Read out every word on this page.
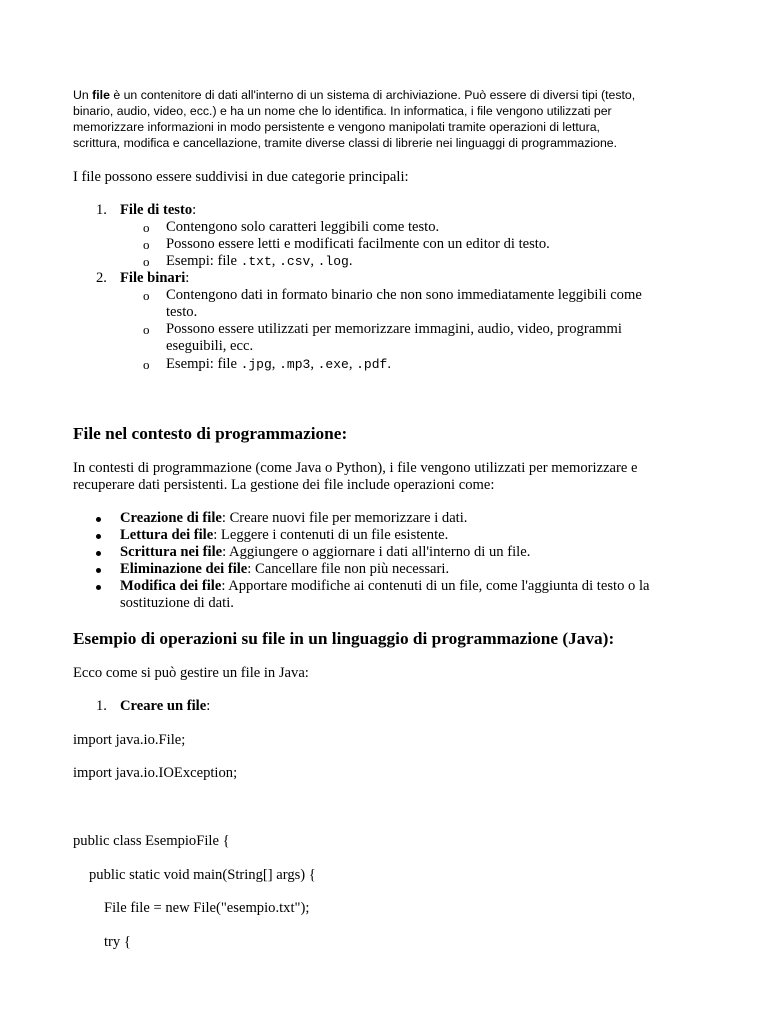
Un file è un contenitore di dati all'interno di un sistema di archiviazione. Può essere di diversi tipi (testo,
binario, audio, video, ecc.) e ha un nome che lo identifica. In informatica, i file vengono utilizzati per
memorizzare informazioni in modo persistente e vengono manipolati tramite operazioni di lettura,
scrittura, modifica e cancellazione, tramite diverse classi di librerie nei linguaggi di programmazione.
I file possono essere suddivisi in due categorie principali:
1. File di testo:
o Contengono solo caratteri leggibili come testo.
o Possono essere letti e modificati facilmente con un editor di testo.
o Esempi: file .txt, .csv, .log.
2. File binari:
o Contengono dati in formato binario che non sono immediatamente leggibili come
testo.
o Possono essere utilizzati per memorizzare immagini, audio, video, programmi
eseguibili, ecc.
o Esempi: file .jpg, .mp3, .exe, .pdf.
File nel contesto di programmazione:
In contesti di programmazione (come Java o Python), i file vengono utilizzati per memorizzare e
recuperare dati persistenti. La gestione dei file include operazioni come:
Creazione di file: Creare nuovi file per memorizzare i dati.
Lettura dei file: Leggere i contenuti di un file esistente.
Scrittura nei file: Aggiungere o aggiornare i dati all'interno di un file.
Eliminazione dei file: Cancellare file non più necessari.
Modifica dei file: Apportare modifiche ai contenuti di un file, come l'aggiunta di testo o la
sostituzione di dati.
Esempio di operazioni su file in un linguaggio di programmazione (Java):
Ecco come si può gestire un file in Java:
1. Creare un file:
import java.io.File;
import java.io.IOException;
public class EsempioFile {
public static void main(String[] args) {
File file = new File("esempio.txt");
try {
